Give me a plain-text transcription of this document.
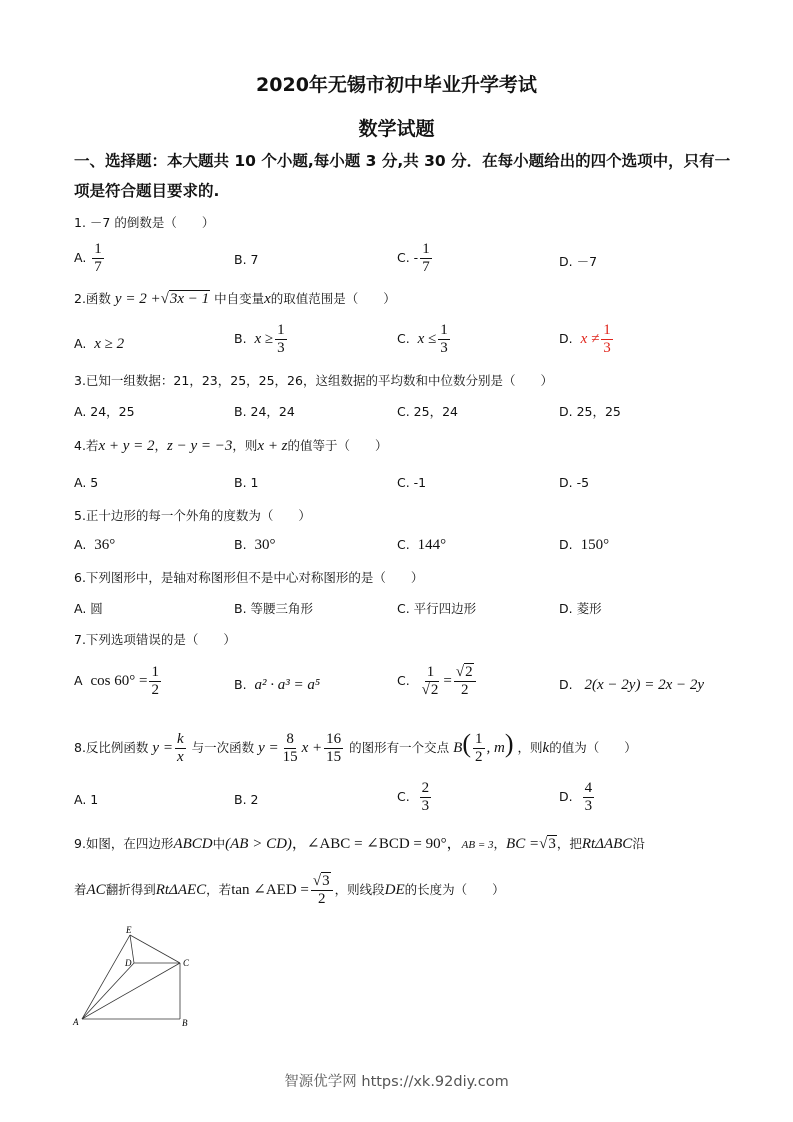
2020年无锡市初中毕业升学考试
数学试题
一、选择题：本大题共 10 个小题,每小题 3 分,共 30 分．在每小题给出的四个选项中，只有一
项是符合题目要求的.
1. －7 的倒数是（　　）
A. $\frac{1}{7}$	B. 7	C. - $\frac{1}{7}$	D. －7
2.函数 y = 2 +√3x − 1 中自变量x的取值范围是（　　）
A. x ≥ 2	B. $x \ge \frac{1}{3}$	C. $x \le \frac{1}{3}$	D. $x \ne \frac{1}{3}$
3.已知一组数据：21，23，25，25，26，这组数据的平均数和中位数分别是（　　）
A. 24，25	B. 24，24	C. 25，24	D. 25，25
4.若x + y = 2，z − y = −3，则x + z的值等于（　　）
A. 5	B. 1	C. -1	D. -5
5.正十边形的每一个外角的度数为（　　）
A. 36°	B. 30°	C. 144°	D. 150°
6.下列图形中，是轴对称图形但不是中心对称图形的是（　　）
A. 圆	B. 等腰三角形	C. 平行四边形	D. 菱形
7.下列选项错误的是（　　）
A $\cos 60^\circ = \frac{1}{2}$	B. a² · a³ = a⁵	C. $\frac{1}{√2} = \frac{√2}{2}$	D. 2(x − 2y) = 2x − 2y
8.反比例函数 $y = \frac{k}{x}$ 与一次函数 $y = \frac{8}{15}$ $x + \frac{16}{15}$ 的图形有一个交点 $B( \frac{1}{2}$ , m) ，则k的值为（　　）
A. 1	B. 2	C. $\frac{2}{3}$	D. $\frac{4}{3}$
9.如图，在四边形ABCD中(AB > CD)，∠ABC = ∠BCD = 90°，AB = 3，BC =√3，把RtΔABC沿
着AC翻折得到RtΔAEC，若tan ∠AED = $\frac{√3}{2}$ ，则线段DE的长度为（　　）
E
D	C
A	B
智源优学网 https://xk.92diy.com
